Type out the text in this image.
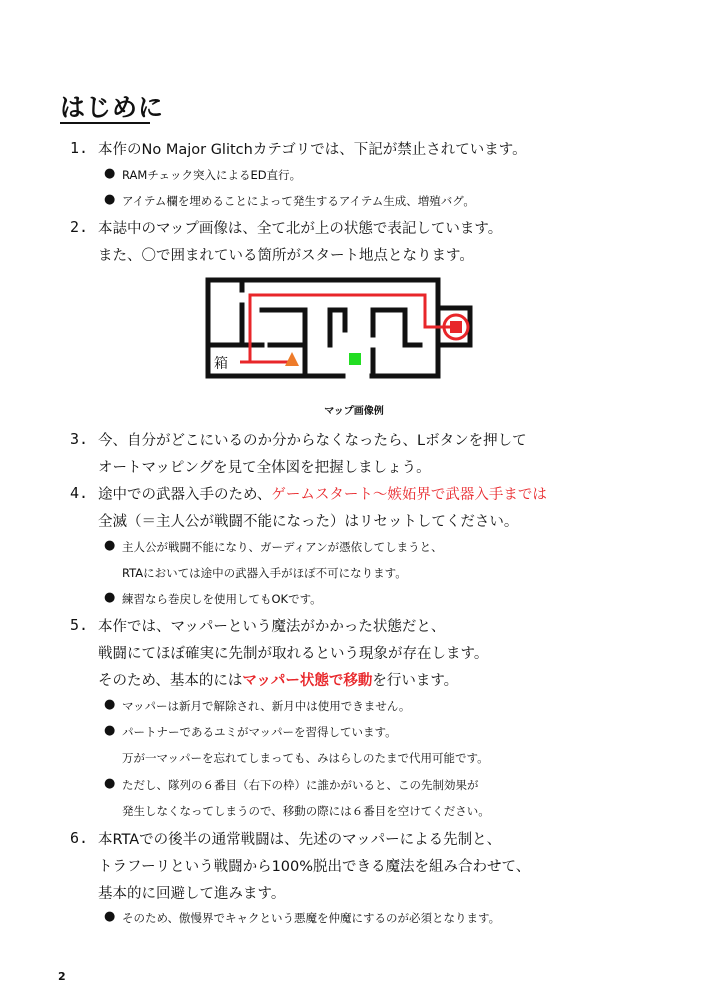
はじめに
1. 本作のNo Major Glitchカテゴリでは、下記が禁止されています。
● RAMチェック突入によるED直行。
● アイテム欄を埋めることによって発生するアイテム生成、増殖バグ。
2. 本誌中のマップ画像は、全て北が上の状態で表記しています。
また、〇で囲まれている箇所がスタート地点となります。
箱
マップ画像例
3. 今、自分がどこにいるのか分からなくなったら、Lボタンを押して
オートマッピングを見て全体図を把握しましょう。
4. 途中での武器入手のため、ゲームスタート〜嫉妬界で武器入手までは
全滅（＝主人公が戦闘不能になった）はリセットしてください。
● 主人公が戦闘不能になり、ガーディアンが憑依してしまうと、
RTAにおいては途中の武器入手がほぼ不可になります。
● 練習なら巻戻しを使用してもOKです。
5. 本作では、マッパーという魔法がかかった状態だと、
戦闘にてほぼ確実に先制が取れるという現象が存在します。
そのため、基本的にはマッパー状態で移動を行います。
● マッパーは新月で解除され、新月中は使用できません。
● パートナーであるユミがマッパーを習得しています。
万が一マッパーを忘れてしまっても、みはらしのたまで代用可能です。
● ただし、隊列の６番目（右下の枠）に誰かがいると、この先制効果が
発生しなくなってしまうので、移動の際には６番目を空けてください。
6. 本RTAでの後半の通常戦闘は、先述のマッパーによる先制と、
トラフーリという戦闘から100%脱出できる魔法を組み合わせて、
基本的に回避して進みます。
● そのため、傲慢界でキャクという悪魔を仲魔にするのが必須となります。
2
